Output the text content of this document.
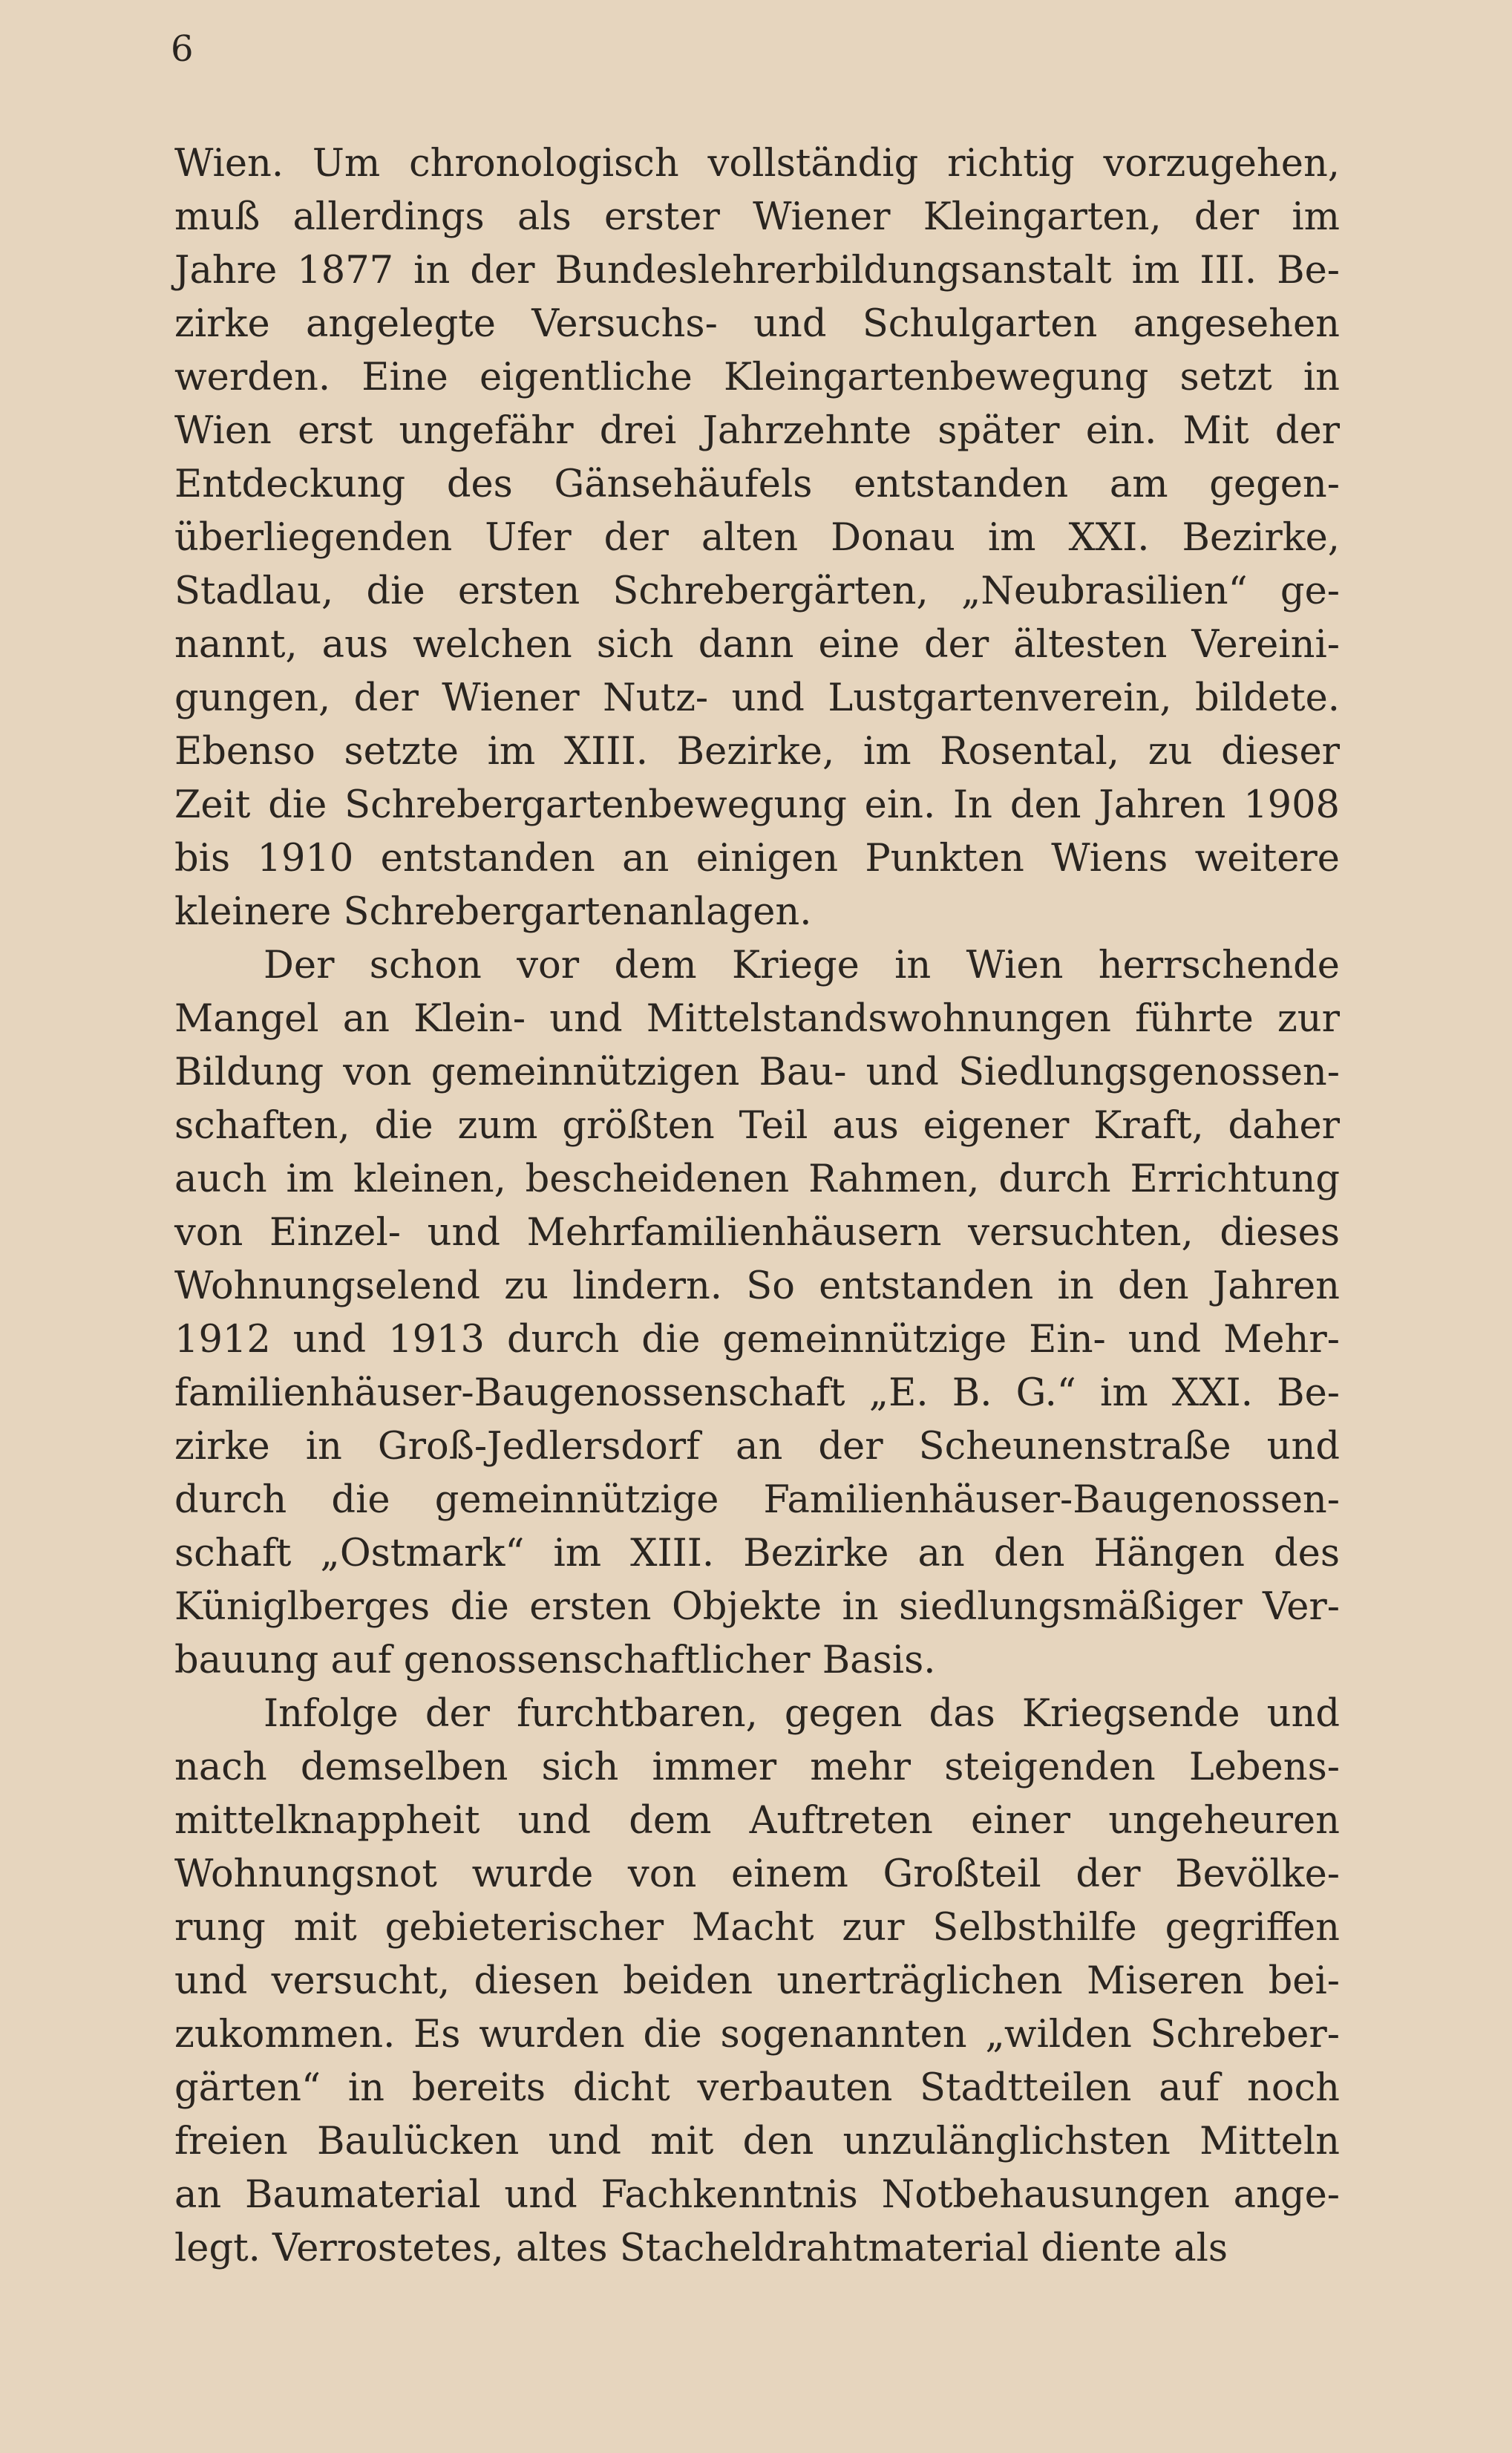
6
Wien. Um chronologisch vollständig richtig vorzugehen,
muß allerdings als erster Wiener Kleingarten, der im
Jahre 1877 in der Bundeslehrerbildungsanstalt im III. Be-
zirke angelegte Versuchs- und Schulgarten angesehen
werden. Eine eigentliche Kleingartenbewegung setzt in
Wien erst ungefähr drei Jahrzehnte später ein. Mit der
Entdeckung des Gänsehäufels entstanden am gegen-
überliegenden Ufer der alten Donau im XXI. Bezirke,
Stadlau, die ersten Schrebergärten, „Neubrasilien“ ge-
nannt, aus welchen sich dann eine der ältesten Vereini-
gungen, der Wiener Nutz- und Lustgartenverein, bildete.
Ebenso setzte im XIII. Bezirke, im Rosental, zu dieser
Zeit die Schrebergartenbewegung ein. In den Jahren 1908
bis 1910 entstanden an einigen Punkten Wiens weitere
kleinere Schrebergartenanlagen.
Der schon vor dem Kriege in Wien herrschende
Mangel an Klein- und Mittelstandswohnungen führte zur
Bildung von gemeinnützigen Bau- und Siedlungsgenossen-
schaften, die zum größten Teil aus eigener Kraft, daher
auch im kleinen, bescheidenen Rahmen, durch Errichtung
von Einzel- und Mehrfamilienhäusern versuchten, dieses
Wohnungselend zu lindern. So entstanden in den Jahren
1912 und 1913 durch die gemeinnützige Ein- und Mehr-
familienhäuser-Baugenossenschaft „E. B. G.“ im XXI. Be-
zirke in Groß-Jedlersdorf an der Scheunenstraße und
durch die gemeinnützige Familienhäuser-Baugenossen-
schaft „Ostmark“ im XIII. Bezirke an den Hängen des
Küniglberges die ersten Objekte in siedlungsmäßiger Ver-
bauung auf genossenschaftlicher Basis.
Infolge der furchtbaren, gegen das Kriegsende und
nach demselben sich immer mehr steigenden Lebens-
mittelknappheit und dem Auftreten einer ungeheuren
Wohnungsnot wurde von einem Großteil der Bevölke-
rung mit gebieterischer Macht zur Selbsthilfe gegriffen
und versucht, diesen beiden unerträglichen Miseren bei-
zukommen. Es wurden die sogenannten „wilden Schreber-
gärten“ in bereits dicht verbauten Stadtteilen auf noch
freien Baulücken und mit den unzulänglichsten Mitteln
an Baumaterial und Fachkenntnis Notbehausungen ange-
legt. Verrostetes, altes Stacheldrahtmaterial diente als
